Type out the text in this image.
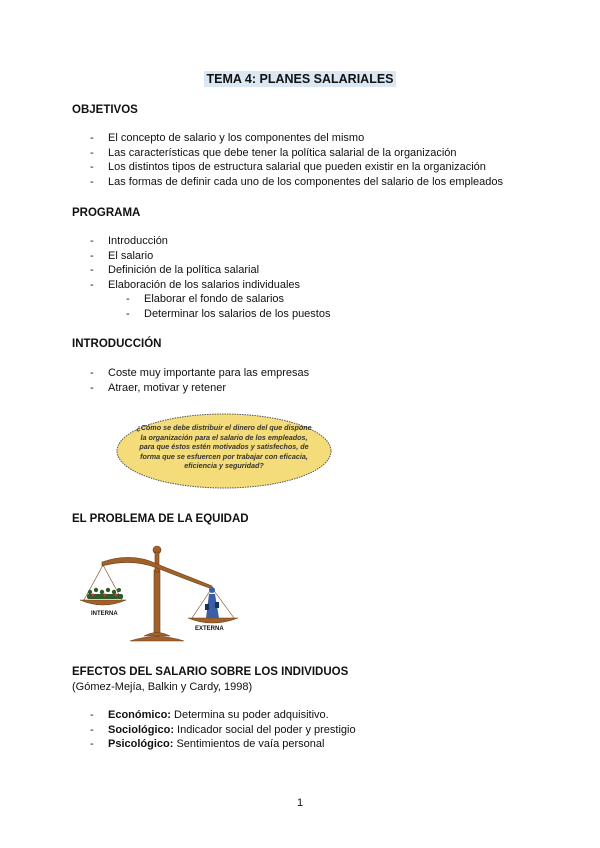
TEMA 4: PLANES SALARIALES
OBJETIVOS
- El concepto de salario y los componentes del mismo
- Las características que debe tener la política salarial de la organización
- Los distintos tipos de estructura salarial que pueden existir en la organización
- Las formas de definir cada uno de los componentes del salario de los empleados
PROGRAMA
- Introducción
- El salario
- Definición de la política salarial
- Elaboración de los salarios individuales
- Elaborar el fondo de salarios
- Determinar los salarios de los puestos
INTRODUCCIÓN
- Coste muy importante para las empresas
- Atraer, motivar y retener
¿Cómo se debe distribuir el dinero del que dispone la organización para el salario de los empleados, para que éstos estén motivados y satisfechos, de forma que se esfuercen por trabajar con eficacia, eficiencia y seguridad?
EL PROBLEMA DE LA EQUIDAD
INTERNA
EXTERNA
EFECTOS DEL SALARIO SOBRE LOS INDIVIDUOS
(Gómez-Mejía, Balkin y Cardy, 1998)
- Económico: Determina su poder adquisitivo.
- Sociológico: Indicador social del poder y prestigio
- Psicológico: Sentimientos de vaía personal
1
